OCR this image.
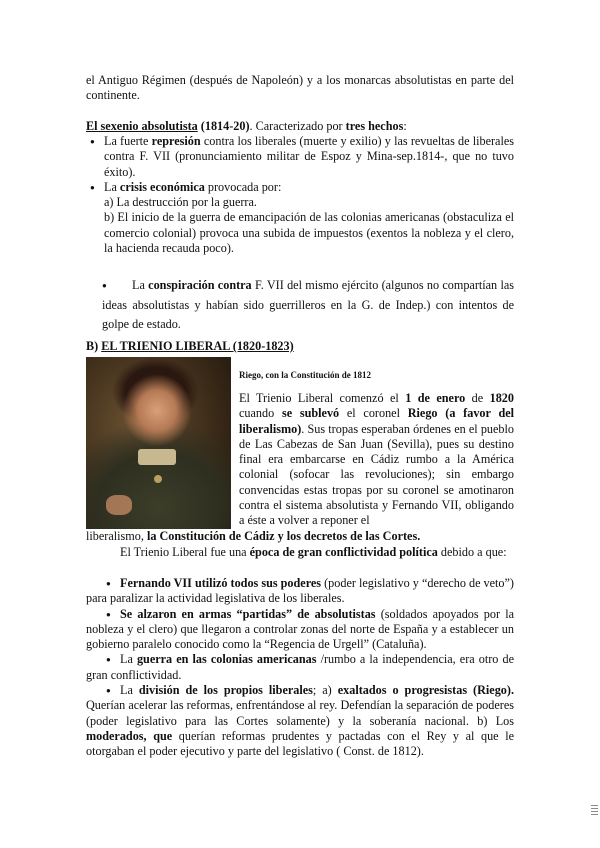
el Antiguo Régimen (después de Napoleón) y a los monarcas absolutistas en parte del continente.

El sexenio absolutista (1814-20). Caracterizado por tres hechos:

● La fuerte represión contra los liberales (muerte y exilio) y las revueltas de liberales contra F. VII (pronunciamiento militar de Espoz y Mina-sep.1814-, que no tuvo éxito).
● La crisis económica provocada por:
a) La destrucción por la guerra.
b) El inicio de la guerra de emancipación de las colonias americanas (obstaculiza el comercio colonial) provoca una subida de impuestos (exentos la nobleza y el clero, la hacienda recauda poco).
● La conspiración contra F. VII del mismo ejército (algunos no compartían las ideas absolutistas y habían sido guerrilleros en la G. de Indep.) con intentos de golpe de estado.

B) EL TRIENIO LIBERAL (1820-1823)

Riego, con la Constitución de 1812

El Trienio Liberal comenzó el 1 de enero de 1820 cuando se sublevó el coronel Riego (a favor del liberalismo). Sus tropas esperaban órdenes en el pueblo de Las Cabezas de San Juan (Sevilla), pues su destino final era embarcarse en Cádiz rumbo a la América colonial (sofocar las revoluciones); sin embargo convencidas estas tropas por su coronel se amotinaron contra el sistema absolutista y Fernando VII, obligando a éste a volver a reponer el

liberalismo, la Constitución de Cádiz y los decretos de las Cortes.

El Trienio Liberal fue una época de gran conflictividad política debido a que:

● Fernando VII utilizó todos sus poderes (poder legislativo y “derecho de veto”) para paralizar la actividad legislativa de los liberales.
● Se alzaron en armas “partidas” de absolutistas (soldados apoyados por la nobleza y el clero) que llegaron a controlar zonas del norte de España y a establecer un gobierno paralelo conocido como la “Regencia de Urgell” (Cataluña).
● La guerra en las colonias americanas /rumbo a la independencia, era otro de gran conflictividad.
● La división de los propios liberales; a) exaltados o progresistas (Riego). Querían acelerar las reformas, enfrentándose al rey. Defendían la separación de poderes (poder legislativo para las Cortes solamente) y la soberanía nacional. b) Los moderados, que querían reformas prudentes y pactadas con el Rey y al que le otorgaban el poder ejecutivo y parte del legislativo ( Const. de 1812).
